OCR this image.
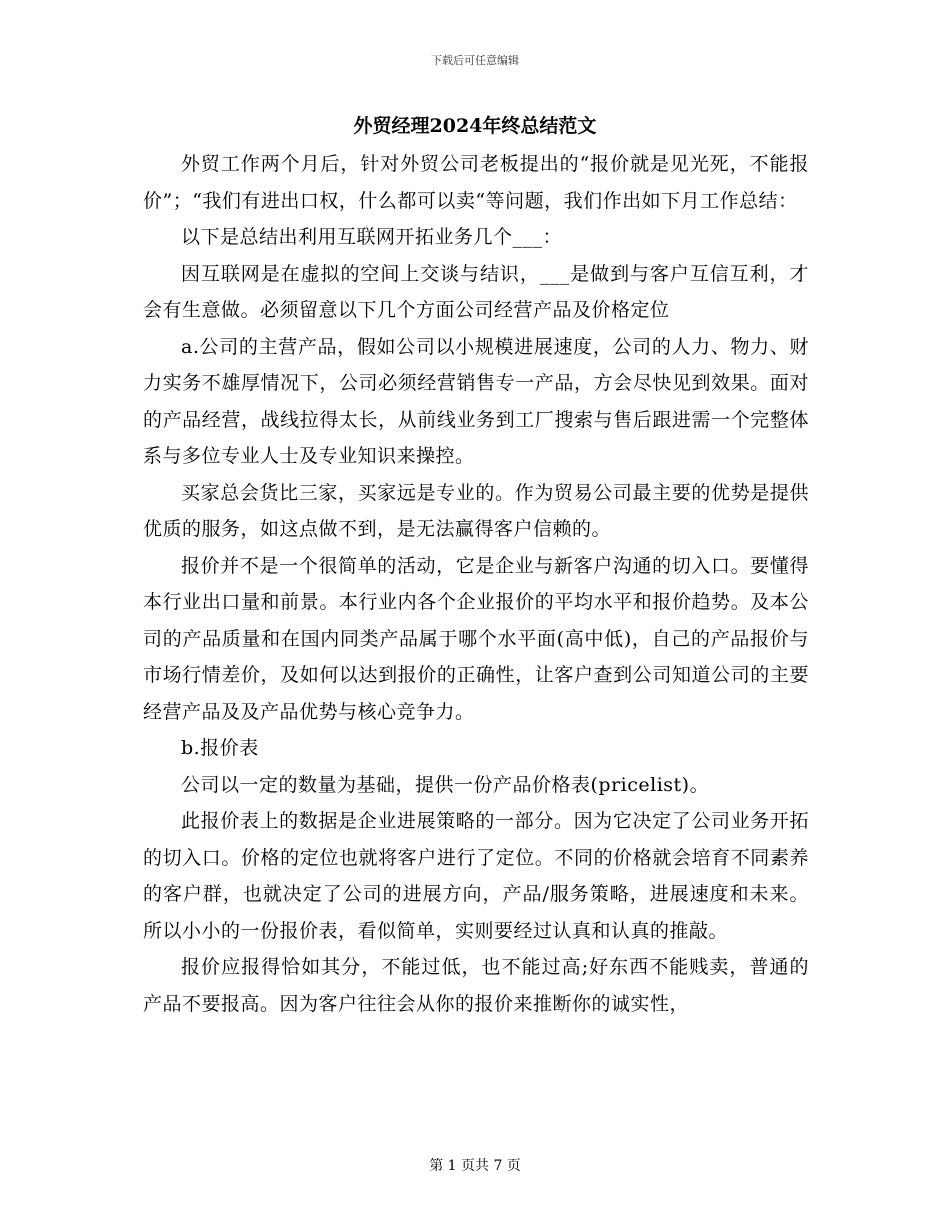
下载后可任意编辑
外贸经理2024年终总结范文

外贸工作两个月后，针对外贸公司老板提出的“报价就是见光死，不能报价”；“我们有进出口权，什么都可以卖“等问题，我们作出如下月工作总结：

以下是总结出利用互联网开拓业务几个___：

因互联网是在虚拟的空间上交谈与结识，___是做到与客户互信互利，才会有生意做。必须留意以下几个方面公司经营产品及价格定位

a.公司的主营产品，假如公司以小规模进展速度，公司的人力、物力、财力实务不雄厚情况下，公司必须经营销售专一产品，方会尽快见到效果。面对的产品经营，战线拉得太长，从前线业务到工厂搜索与售后跟进需一个完整体系与多位专业人士及专业知识来操控。

买家总会货比三家，买家远是专业的。作为贸易公司最主要的优势是提供优质的服务，如这点做不到，是无法赢得客户信赖的。

报价并不是一个很简单的活动，它是企业与新客户沟通的切入口。要懂得本行业出口量和前景。本行业内各个企业报价的平均水平和报价趋势。及本公司的产品质量和在国内同类产品属于哪个水平面(高中低)，自己的产品报价与市场行情差价，及如何以达到报价的正确性，让客户查到公司知道公司的主要经营产品及及产品优势与核心竞争力。

b.报价表

公司以一定的数量为基础，提供一份产品价格表(pricelist)。

此报价表上的数据是企业进展策略的一部分。因为它决定了公司业务开拓的切入口。价格的定位也就将客户进行了定位。不同的价格就会培育不同素养的客户群，也就决定了公司的进展方向，产品/服务策略，进展速度和未来。所以小小的一份报价表，看似简单，实则要经过认真和认真的推敲。

报价应报得恰如其分，不能过低，也不能过高;好东西不能贱卖，普通的产品不要报高。因为客户往往会从你的报价来推断你的诚实性，

第 1 页共 7 页
